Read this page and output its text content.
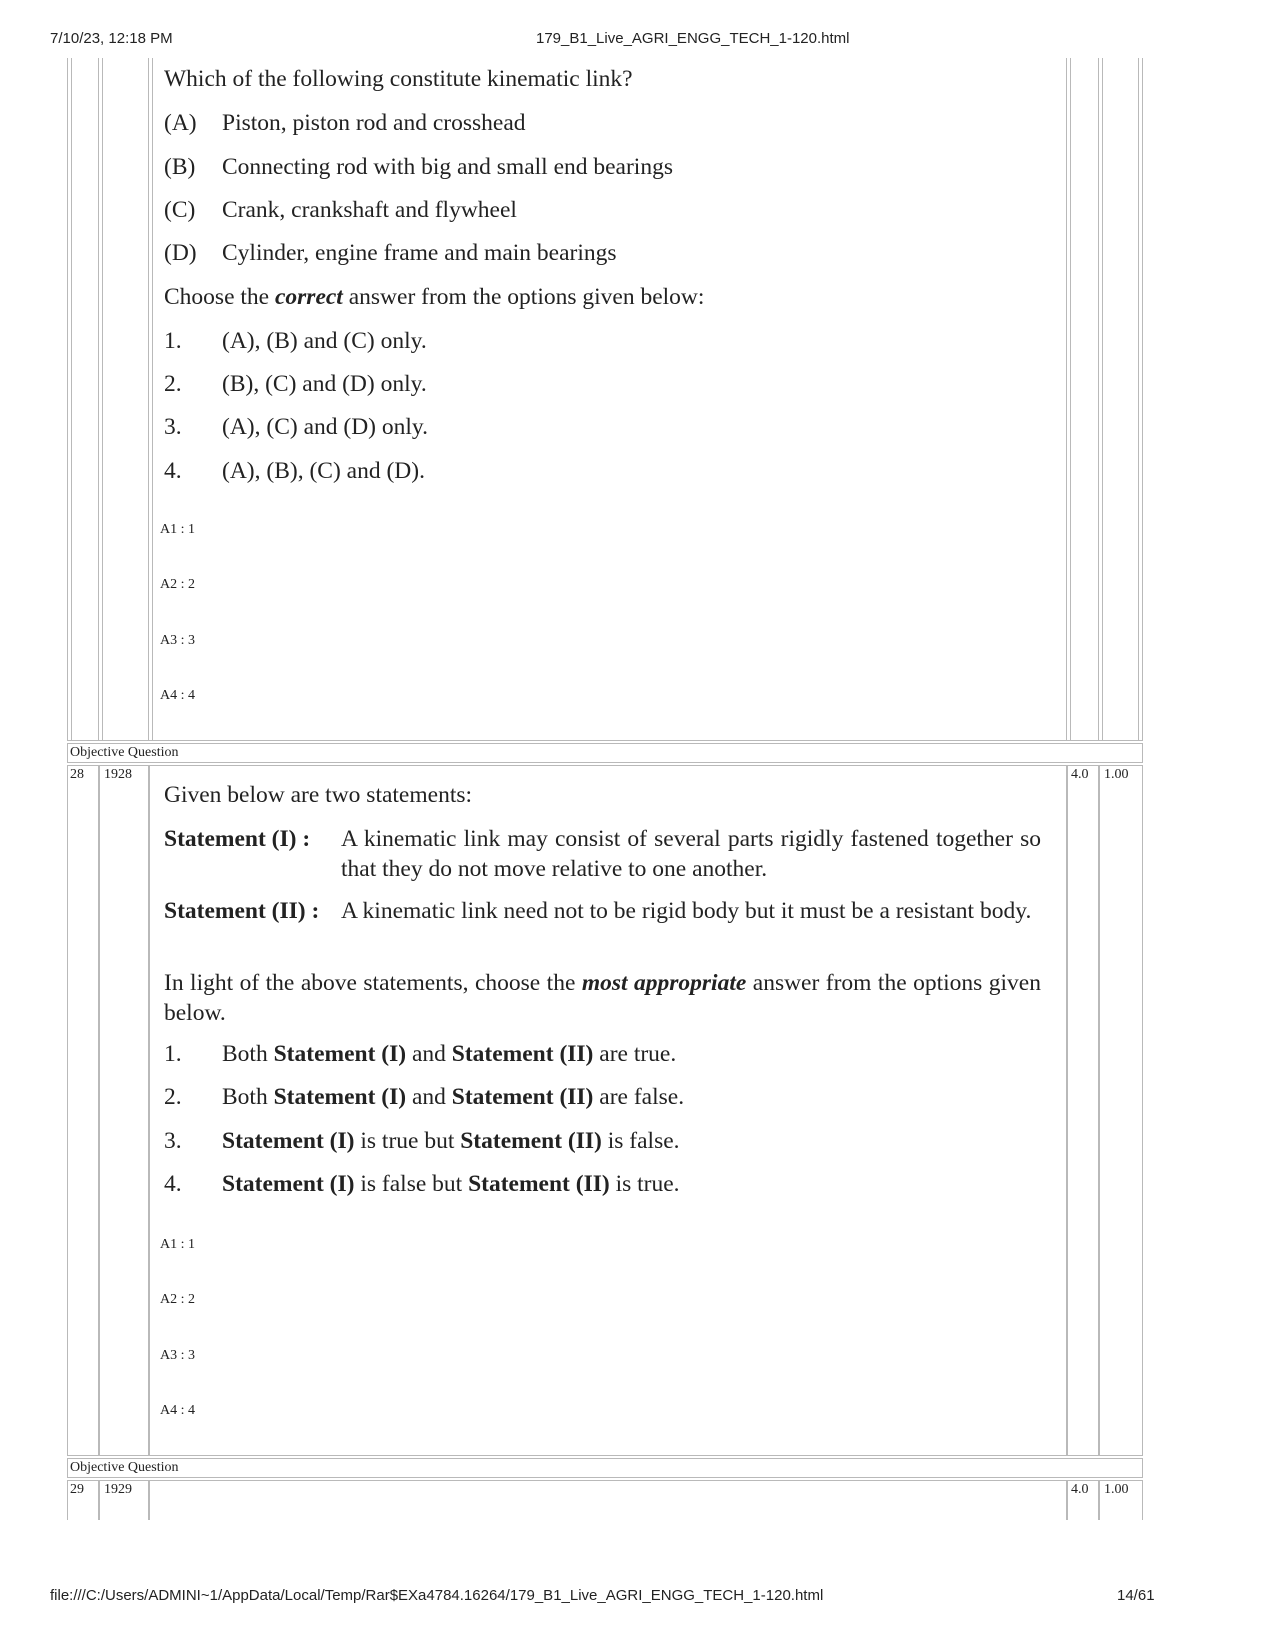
7/10/23, 12:18 PM	179_B1_Live_AGRI_ENGG_TECH_1-120.html
Which of the following constitute kinematic link?
(A) Piston, piston rod and crosshead
(B) Connecting rod with big and small end bearings
(C) Crank, crankshaft and flywheel
(D) Cylinder, engine frame and main bearings
Choose the correct answer from the options given below:
1. (A), (B) and (C) only.
2. (B), (C) and (D) only.
3. (A), (C) and (D) only.
4. (A), (B), (C) and (D).
A1 : 1
A2 : 2
A3 : 3
A4 : 4
Objective Question
28 1928	4.0 1.00
Given below are two statements:
Statement (I) : A kinematic link may consist of several parts rigidly fastened together so that they do not move relative to one another.
Statement (II) : A kinematic link need not to be rigid body but it must be a resistant body.
In light of the above statements, choose the most appropriate answer from the options given below.
1. Both Statement (I) and Statement (II) are true.
2. Both Statement (I) and Statement (II) are false.
3. Statement (I) is true but Statement (II) is false.
4. Statement (I) is false but Statement (II) is true.
A1 : 1
A2 : 2
A3 : 3
A4 : 4
Objective Question
29 1929	4.0 1.00
file:///C:/Users/ADMINI~1/AppData/Local/Temp/Rar$EXa4784.16264/179_B1_Live_AGRI_ENGG_TECH_1-120.html	14/61
